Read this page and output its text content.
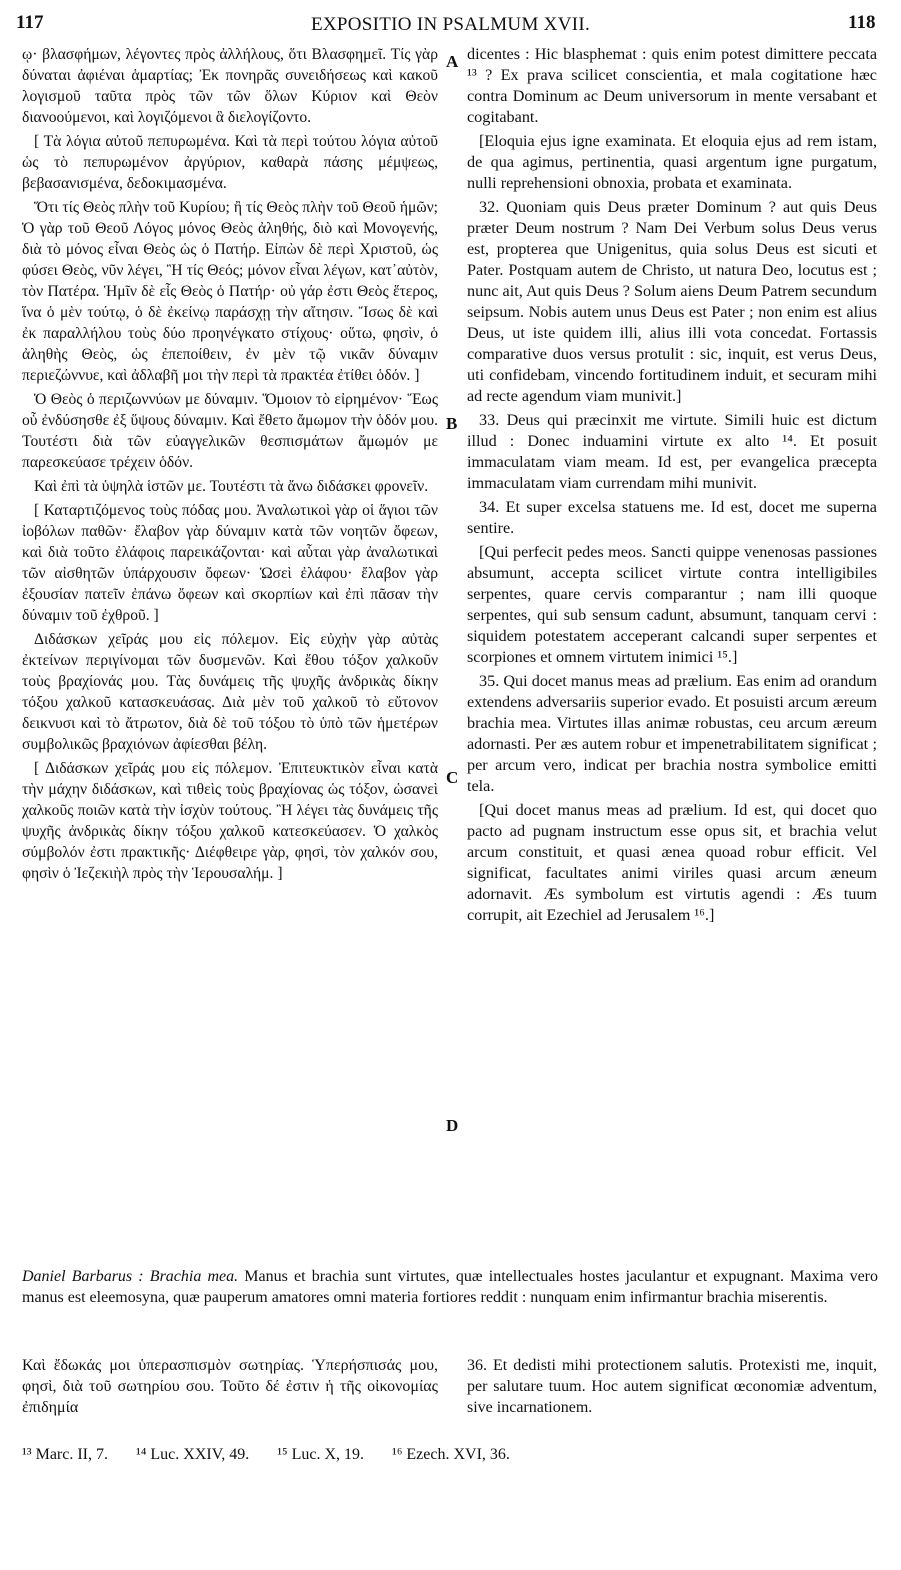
117	EXPOSITIO IN PSALMUM XVII.	118

ῳ· βλασφήμων, λέγοντες πρὸς ἀλλήλους, ὅτι Βλασφημεῖ. Τίς γὰρ δύναται ἀφιέναι ἁμαρτίας; Ἐκ πονηρᾶς συνειδήσεως καὶ κακοῦ λογισμοῦ ταῦτα πρὸς τῶν τῶν ὅλων Κύριον καὶ Θεὸν διανοούμενοι, καὶ λογιζόμενοι ἃ διελογίζοντο.

[ Τὰ λόγια αὐτοῦ πεπυρωμένα. Καὶ τὰ περὶ τούτου λόγια αὐτοῦ ὡς τὸ πεπυρωμένον ἀργύριον, καθαρὰ πάσης μέμψεως, βεβασανισμένα, δεδοκιμασμένα.

Ὅτι τίς Θεὸς πλὴν τοῦ Κυρίου; ἢ τίς Θεὸς πλὴν τοῦ Θεοῦ ἡμῶν; Ὁ γὰρ τοῦ Θεοῦ Λόγος μόνος Θεὸς ἀληθής, διὸ καὶ Μονογενής, διὰ τὸ μόνος εἶναι Θεὸς ὡς ὁ Πατήρ. Εἰπὼν δὲ περὶ Χριστοῦ, ὡς φύσει Θεὸς, νῦν λέγει, Ἢ τίς Θεός; μόνον εἶναι λέγων, κατ᾽αὐτὸν, τὸν Πατέρα. Ἡμῖν δὲ εἷς Θεὸς ὁ Πατήρ· οὐ γάρ ἐστι Θεὸς ἕτερος, ἵνα ὁ μὲν τούτῳ, ὁ δὲ ἐκείνῳ παράσχῃ τὴν αἴτησιν. Ἴσως δὲ καὶ ἐκ παραλλήλου τοὺς δύο προηνέγκατο στίχους· οὕτω, φησὶν, ὁ ἀληθὴς Θεὸς, ὡς ἐπεποίθειν, ἐν μὲν τῷ νικᾶν δύναμιν περιεζώννυε, καὶ ἀδλαβῆ μοι τὴν περὶ τὰ πρακτέα ἐτίθει ὁδόν. ]

Ὁ Θεὸς ὁ περιζωννύων με δύναμιν. Ὅμοιον τὸ εἰρημένον· Ἕως οὗ ἐνδύσησθε ἐξ ὕψους δύναμιν. Καὶ ἔθετο ἄμωμον τὴν ὁδόν μου. Τουτέστι διὰ τῶν εὐαγγελικῶν θεσπισμάτων ἄμωμόν με παρεσκεύασε τρέχειν ὁδόν.

Καὶ ἐπὶ τὰ ὑψηλὰ ἱστῶν με. Τουτέστι τὰ ἄνω διδάσκει φρονεῖν.

[ Καταρτιζόμενος τοὺς πόδας μου. Ἀναλωτικοὶ γὰρ οἱ ἅγιοι τῶν ἰοβόλων παθῶν· ἔλαβον γὰρ δύναμιν κατὰ τῶν νοητῶν ὄφεων, καὶ διὰ τοῦτο ἐλάφοις παρεικάζονται· καὶ αὗται γὰρ ἀναλωτικαὶ τῶν αἰσθητῶν ὑπάρχουσιν ὄφεων· Ὡσεὶ ἐλάφου· ἔλαβον γὰρ ἐξουσίαν πατεῖν ἐπάνω ὄφεων καὶ σκορπίων καὶ ἐπὶ πᾶσαν τὴν δύναμιν τοῦ ἐχθροῦ. ]

Διδάσκων χεῖράς μου εἰς πόλεμον. Εἰς εὐχὴν γὰρ αὐτὰς ἐκτείνων περιγίνομαι τῶν δυσμενῶν. Καὶ ἔθου τόξον χαλκοῦν τοὺς βραχίονάς μου. Τὰς δυνάμεις τῆς ψυχῆς ἀνδρικὰς δίκην τόξου χαλκοῦ κατασκευάσας. Διὰ μὲν τοῦ χαλκοῦ τὸ εὔτονον δεικνυσι καὶ τὸ ἄτρωτον, διὰ δὲ τοῦ τόξου τὸ ὑπὸ τῶν ἡμετέρων συμβολικῶς βραχιόνων ἀφίεσθαι βέλη.

[ Διδάσκων χεῖράς μου εἰς πόλεμον. Ἐπιτευκτικὸν εἶναι κατὰ τὴν μάχην διδάσκων, καὶ τιθεὶς τοὺς βραχίονας ὡς τόξον, ὡσανεὶ χαλκοῦς ποιῶν κατὰ τὴν ἰσχὺν τούτους. Ἢ λέγει τὰς δυνάμεις τῆς ψυχῆς ἀνδρικὰς δίκην τόξου χαλκοῦ κατεσκεύασεν. Ὁ χαλκὸς σύμβολόν ἐστι πρακτικῆς· Διέφθειρε γὰρ, φησὶ, τὸν χαλκόν σου, φησὶν ὁ Ἰεζεκιὴλ πρὸς τὴν Ἱερουσαλήμ. ]

A
B
C
D

dicentes : Hic blasphemat : quis enim potest dimittere peccata ¹³ ? Ex prava scilicet conscientia, et mala cogitatione hæc contra Dominum ac Deum universorum in mente versabant et cogitabant.

[Eloquia ejus igne examinata. Et eloquia ejus ad rem istam, de qua agimus, pertinentia, quasi argentum igne purgatum, nulli reprehensioni obnoxia, probata et examinata.

32. Quoniam quis Deus præter Dominum ? aut quis Deus præter Deum nostrum ? Nam Dei Verbum solus Deus verus est, propterea que Unigenitus, quia solus Deus est sicuti et Pater. Postquam autem de Christo, ut natura Deo, locutus est ; nunc ait, Aut quis Deus ? Solum aiens Deum Patrem secundum seipsum. Nobis autem unus Deus est Pater ; non enim est alius Deus, ut iste quidem illi, alius illi vota concedat. Fortassis comparative duos versus protulit : sic, inquit, est verus Deus, uti confidebam, vincendo fortitudinem induit, et securam mihi ad recte agendum viam munivit.]

33. Deus qui præcinxit me virtute. Simili huic est dictum illud : Donec induamini virtute ex alto ¹⁴. Et posuit immaculatam viam meam. Id est, per evangelica præcepta immaculatam viam currendam mihi munivit.

34. Et super excelsa statuens me. Id est, docet me superna sentire.

[Qui perfecit pedes meos. Sancti quippe venenosas passiones absumunt, accepta scilicet virtute contra intelligibiles serpentes, quare cervis comparantur ; nam illi quoque serpentes, qui sub sensum cadunt, absumunt, tanquam cervi : siquidem potestatem acceperant calcandi super serpentes et scorpiones et omnem virtutem inimici ¹⁵.]

35. Qui docet manus meas ad prælium. Eas enim ad orandum extendens adversariis superior evado. Et posuisti arcum æreum brachia mea. Virtutes illas animæ robustas, ceu arcum æreum adornasti. Per æs autem robur et impenetrabilitatem significat ; per arcum vero, indicat per brachia nostra symbolice emitti tela.

[Qui docet manus meas ad prælium. Id est, qui docet quo pacto ad pugnam instructum esse opus sit, et brachia velut arcum constituit, et quasi ænea quoad robur efficit. Vel significat, facultates animi viriles quasi arcum æneum adornavit. Æs symbolum est virtutis agendi : Æs tuum corrupit, ait Ezechiel ad Jerusalem ¹⁶.]

Daniel Barbarus : Brachia mea. Manus et brachia sunt virtutes, quæ intellectuales hostes jaculantur et expugnant. Maxima vero manus est eleemosyna, quæ pauperum amatores omni materia fortiores reddit : nunquam enim infirmantur brachia miserentis.
Καὶ ἔδωκάς μοι ὑπερασπισμὸν σωτηρίας. Ὑπερήσπισάς μου, φησὶ, διὰ τοῦ σωτηρίου σου. Τοῦτο δέ ἐστιν ἡ τῆς οἰκονομίας ἐπιδημία
36. Et dedisti mihi protectionem salutis. Protexisti me, inquit, per salutare tuum. Hoc autem significat œconomiæ adventum, sive incarnationem.
¹³ Marc. II, 7. ¹⁴ Luc. XXIV, 49. ¹⁵ Luc. X, 19. ¹⁶ Ezech. XVI, 36.
